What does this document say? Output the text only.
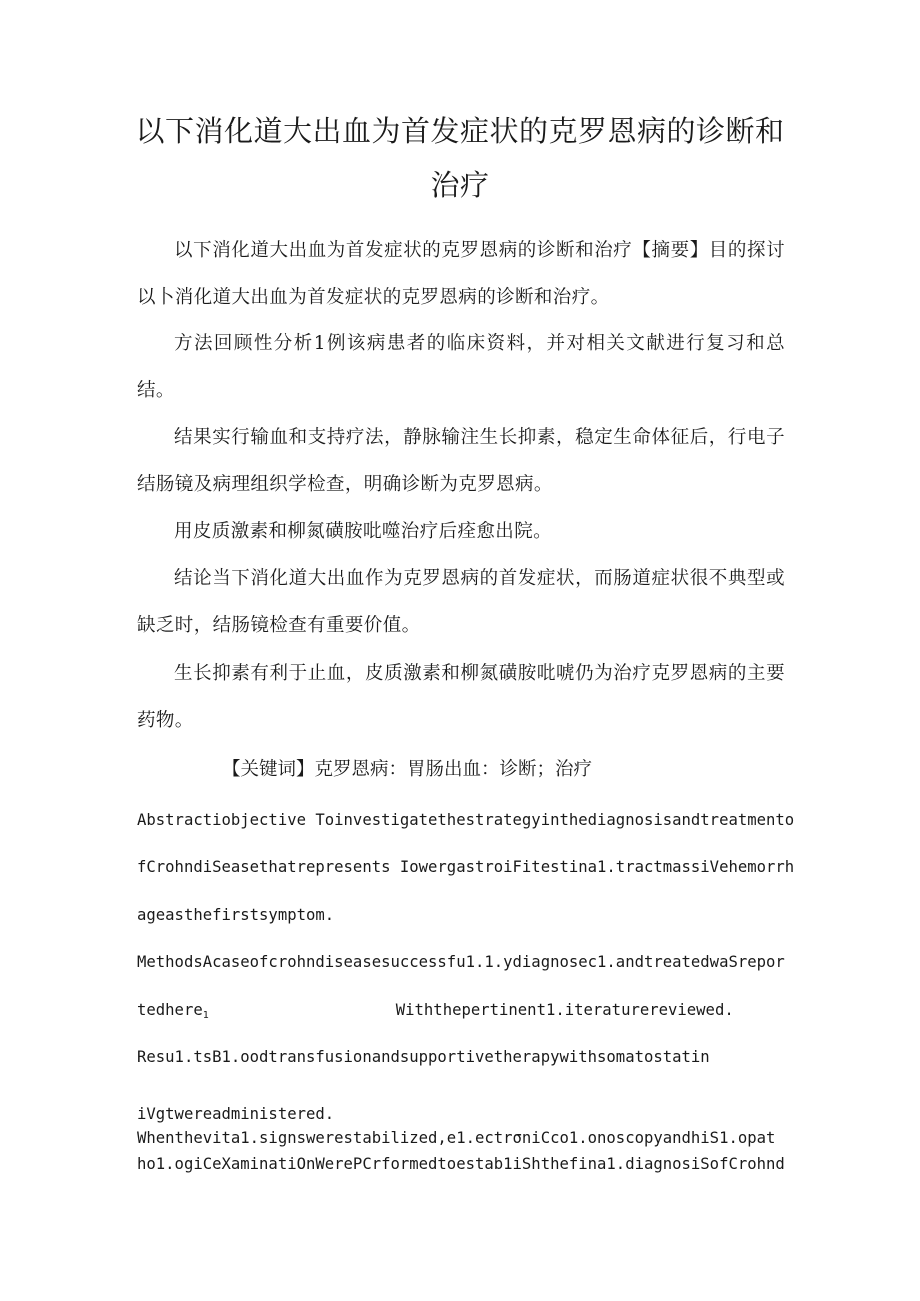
以下消化道大出血为首发症状的克罗恩病的诊断和
治疗

以下消化道大出血为首发症状的克罗恩病的诊断和治疗【摘要】目的探讨以卜消化道大出血为首发症状的克罗恩病的诊断和治疗。

方法回顾性分析1例该病患者的临床资料，并对相关文献进行复习和总结。

结果实行输血和支持疗法，静脉输注生长抑素，稳定生命体征后，行电子结肠镜及病理组织学检查，明确诊断为克罗恩病。

用皮质激素和柳氮磺胺吡噬治疗后痊愈出院。

结论当下消化道大出血作为克罗恩病的首发症状，而肠道症状很不典型或缺乏时，结肠镜检查有重要价值。

生长抑素有利于止血，皮质激素和柳氮磺胺吡唬仍为治疗克罗恩病的主要药物。

【关键词】克罗恩病：胃肠出血：诊断；治疗

Abstractiobjective Toinvestigatethestrategyinthediagnosisandtreatmento
fCrohndiSeasethatrepresents IowergastroiFitestina1.tractmassiVehemorrh
ageasthefirstsymptom.
MethodsAcaseofcrohndiseasesuccessfu1.1.ydiagnosec1.andtreatedwaSrepor
tedhere$_1$	Withthepertinent1.iteraturereviewed.
Resu1.tsB1.oodtransfusionandsupportivetherapywithsomatostatin
iVgtwereadministered.
Whenthevita1.signswerestabilized,e1.ectrσniCco1.onoscopyandhiS1.opat
ho1.ogiCeXaminatiOnWerePCrformedtoestab1iShthefina1.diagnosiSofCrohnd
